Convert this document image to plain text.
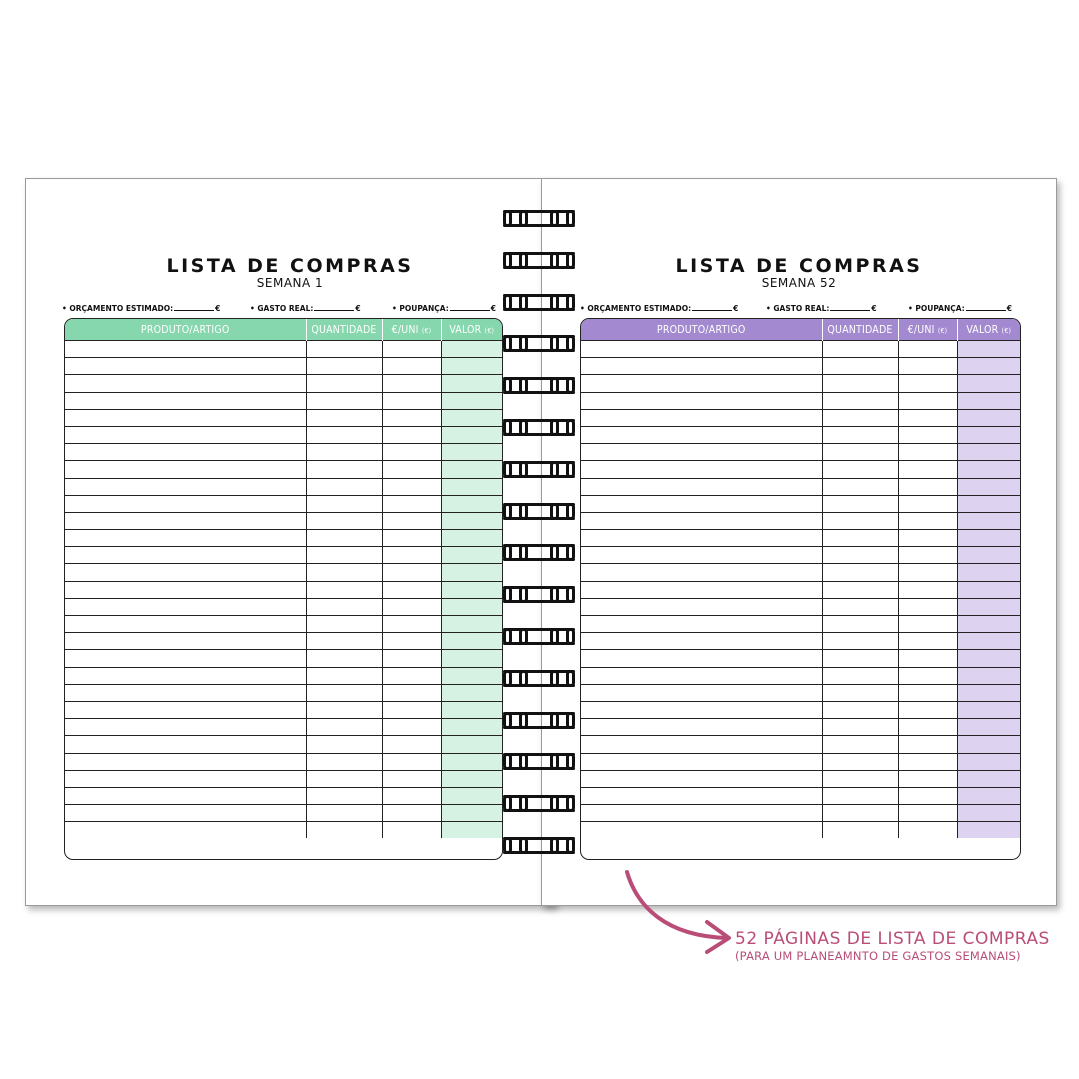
LISTA DE COMPRAS
SEMANA 1
• ORÇAMENTO ESTIMADO:	€	• GASTO REAL:	€	• POUPANÇA:	€
PRODUTO/ARTIGO	QUANTIDADE	€/UNI (€)	VALOR (€)

LISTA DE COMPRAS
SEMANA 52
• ORÇAMENTO ESTIMADO:	€	• GASTO REAL:	€	• POUPANÇA:	€
PRODUTO/ARTIGO	QUANTIDADE	€/UNI (€)	VALOR (€)

52 PÁGINAS DE LISTA DE COMPRAS
(PARA UM PLANEAMNTO DE GASTOS SEMANAIS)
